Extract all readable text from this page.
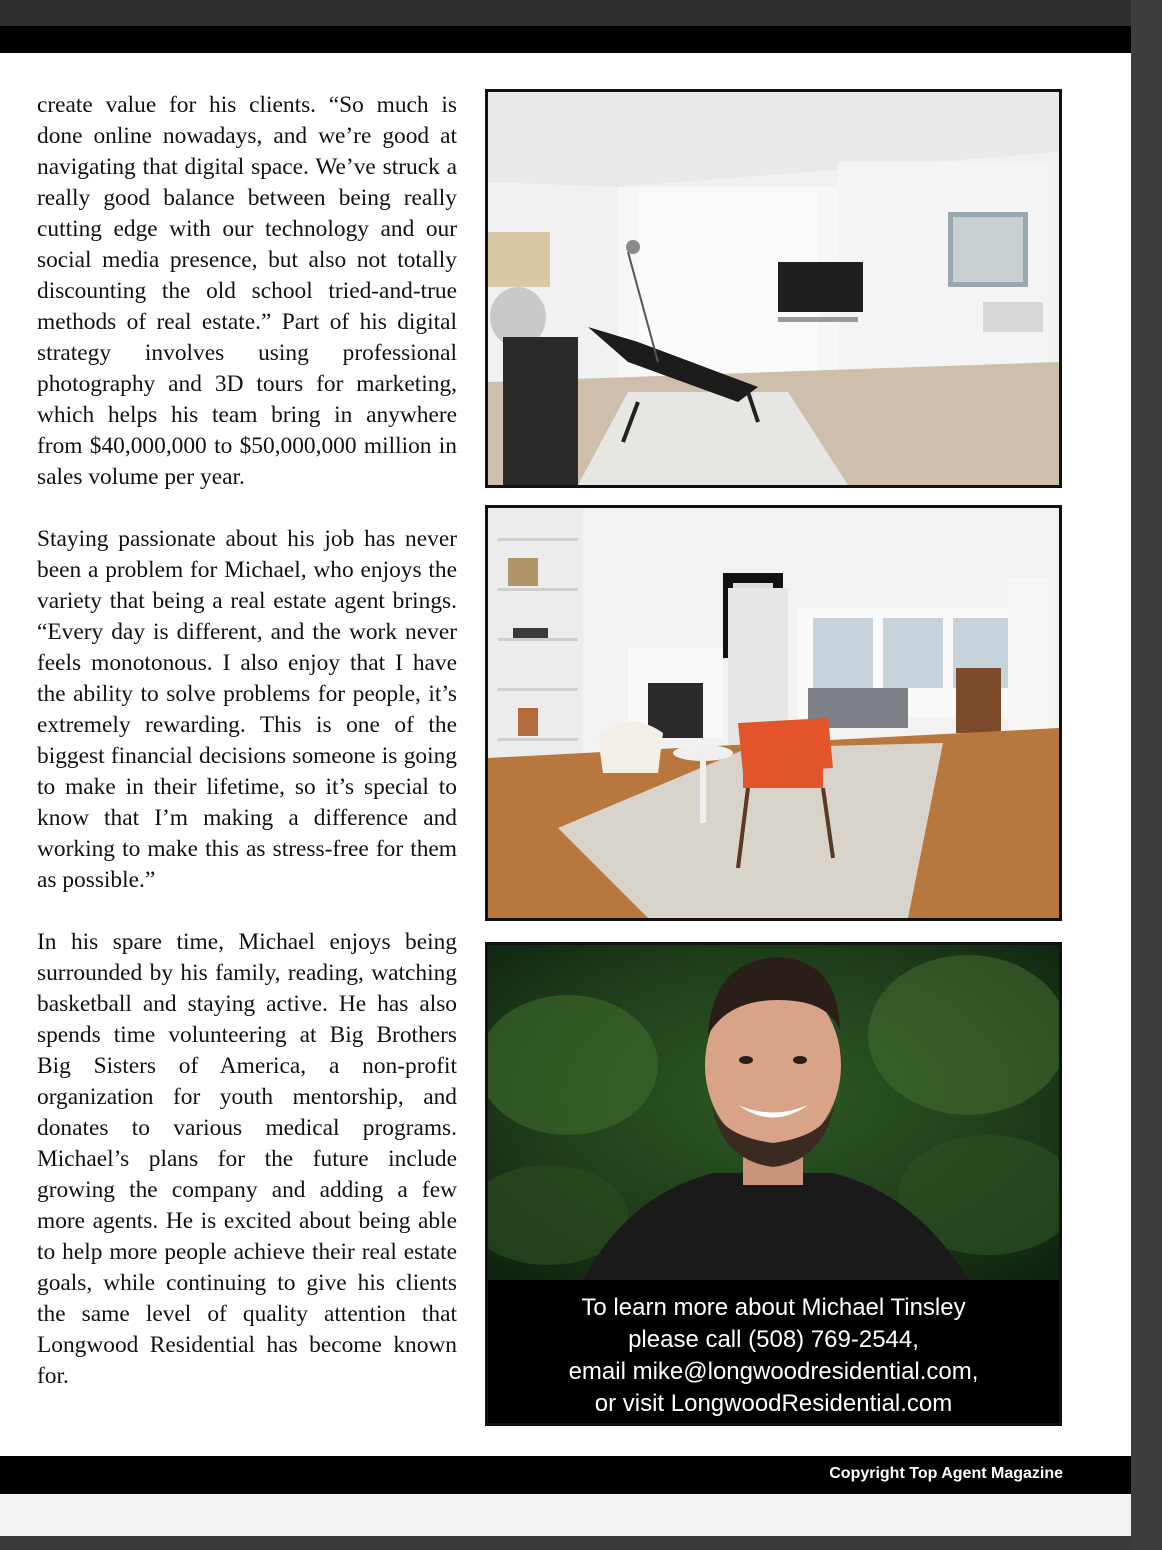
create value for his clients. “So much is done online nowadays, and we’re good at navigating that digital space. We’ve struck a really good balance between being really cutting edge with our technology and our social media presence, but also not totally discounting the old school tried-and-true methods of real estate.” Part of his digital strategy involves using professional photography and 3D tours for marketing, which helps his team bring in anywhere from $40,000,000 to $50,000,000 million in sales volume per year.

Staying passionate about his job has never been a problem for Michael, who enjoys the variety that being a real estate agent brings. “Every day is different, and the work never feels monotonous. I also enjoy that I have the ability to solve problems for people, it’s extremely rewarding. This is one of the biggest financial decisions someone is going to make in their lifetime, so it’s special to know that I’m making a difference and working to make this as stress-free for them as possible.”

In his spare time, Michael enjoys being surrounded by his family, reading, watching basketball and staying active. He has also spends time volunteering at Big Brothers Big Sisters of America, a non-profit organization for youth mentorship, and donates to various medical programs. Michael’s plans for the future include growing the company and adding a few more agents. He is excited about being able to help more people achieve their real estate goals, while continuing to give his clients the same level of quality attention that Longwood Residential has become known for.

To learn more about Michael Tinsley
please call (508) 769-2544,
email mike@longwoodresidential.com,
or visit LongwoodResidential.com
Copyright Top Agent Magazine
